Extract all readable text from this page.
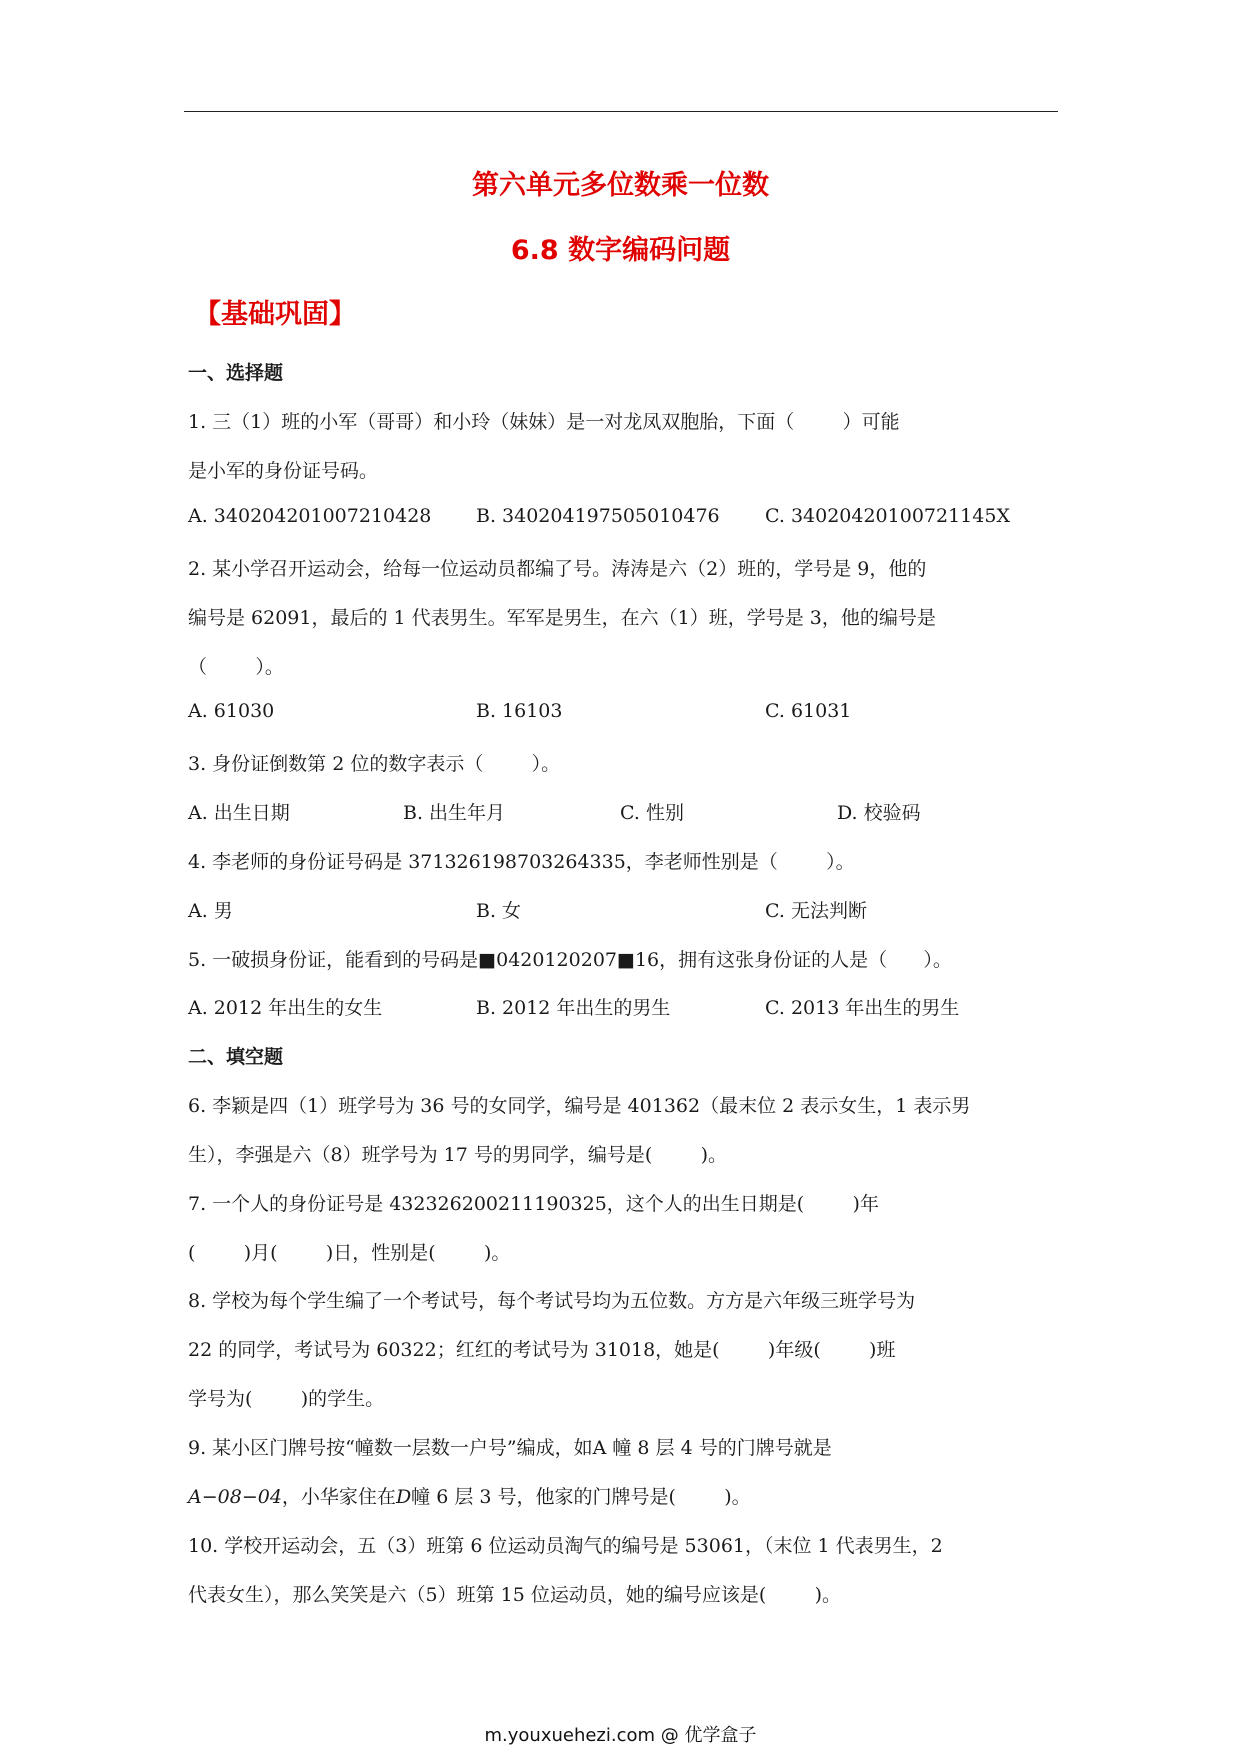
第六单元多位数乘一位数
6.8 数字编码问题
【基础巩固】
一、选择题
1. 三（1）班的小军（哥哥）和小玲（妹妹）是一对龙凤双胞胎，下面（        ）可能
是小军的身份证号码。
A. 340204201007210428 B. 340204197505010476 C. 34020420100721145X
2. 某小学召开运动会，给每一位运动员都编了号。涛涛是六（2）班的，学号是 9，他的
编号是 62091，最后的 1 代表男生。军军是男生，在六（1）班，学号是 3，他的编号是
（        ）。
A. 61030	B. 16103	C. 61031
3. 身份证倒数第 2 位的数字表示（        ）。
A. 出生日期	B. 出生年月	C. 性别	D. 校验码
4. 李老师的身份证号码是 371326198703264335，李老师性别是（        ）。
A. 男	B. 女	C. 无法判断
5. 一破损身份证，能看到的号码是■0420120207■16，拥有这张身份证的人是（      ）。
A. 2012 年出生的女生	B. 2012 年出生的男生	C. 2013 年出生的男生
二、填空题
6. 李颖是四（1）班学号为 36 号的女同学，编号是 401362（最末位 2 表示女生，1 表示男
生），李强是六（8）班学号为 17 号的男同学，编号是(        )。
7. 一个人的身份证号是 432326200211190325，这个人的出生日期是(        )年
(        )月(        )日，性别是(        )。
8. 学校为每个学生编了一个考试号，每个考试号均为五位数。方方是六年级三班学号为
22 的同学，考试号为 60322；红红的考试号为 31018，她是(        )年级(        )班
学号为(        )的学生。
9. 某小区门牌号按“幢数一层数一户号”编成，如A 幢 8 层 4 号的门牌号就是
A−08−04，小华家住在D幢 6 层 3 号，他家的门牌号是(        )。
10. 学校开运动会，五（3）班第 6 位运动员淘气的编号是 53061，（末位 1 代表男生，2
代表女生），那么笑笑是六（5）班第 15 位运动员，她的编号应该是(        )。
m.youxuehezi.com @ 优学盒子
